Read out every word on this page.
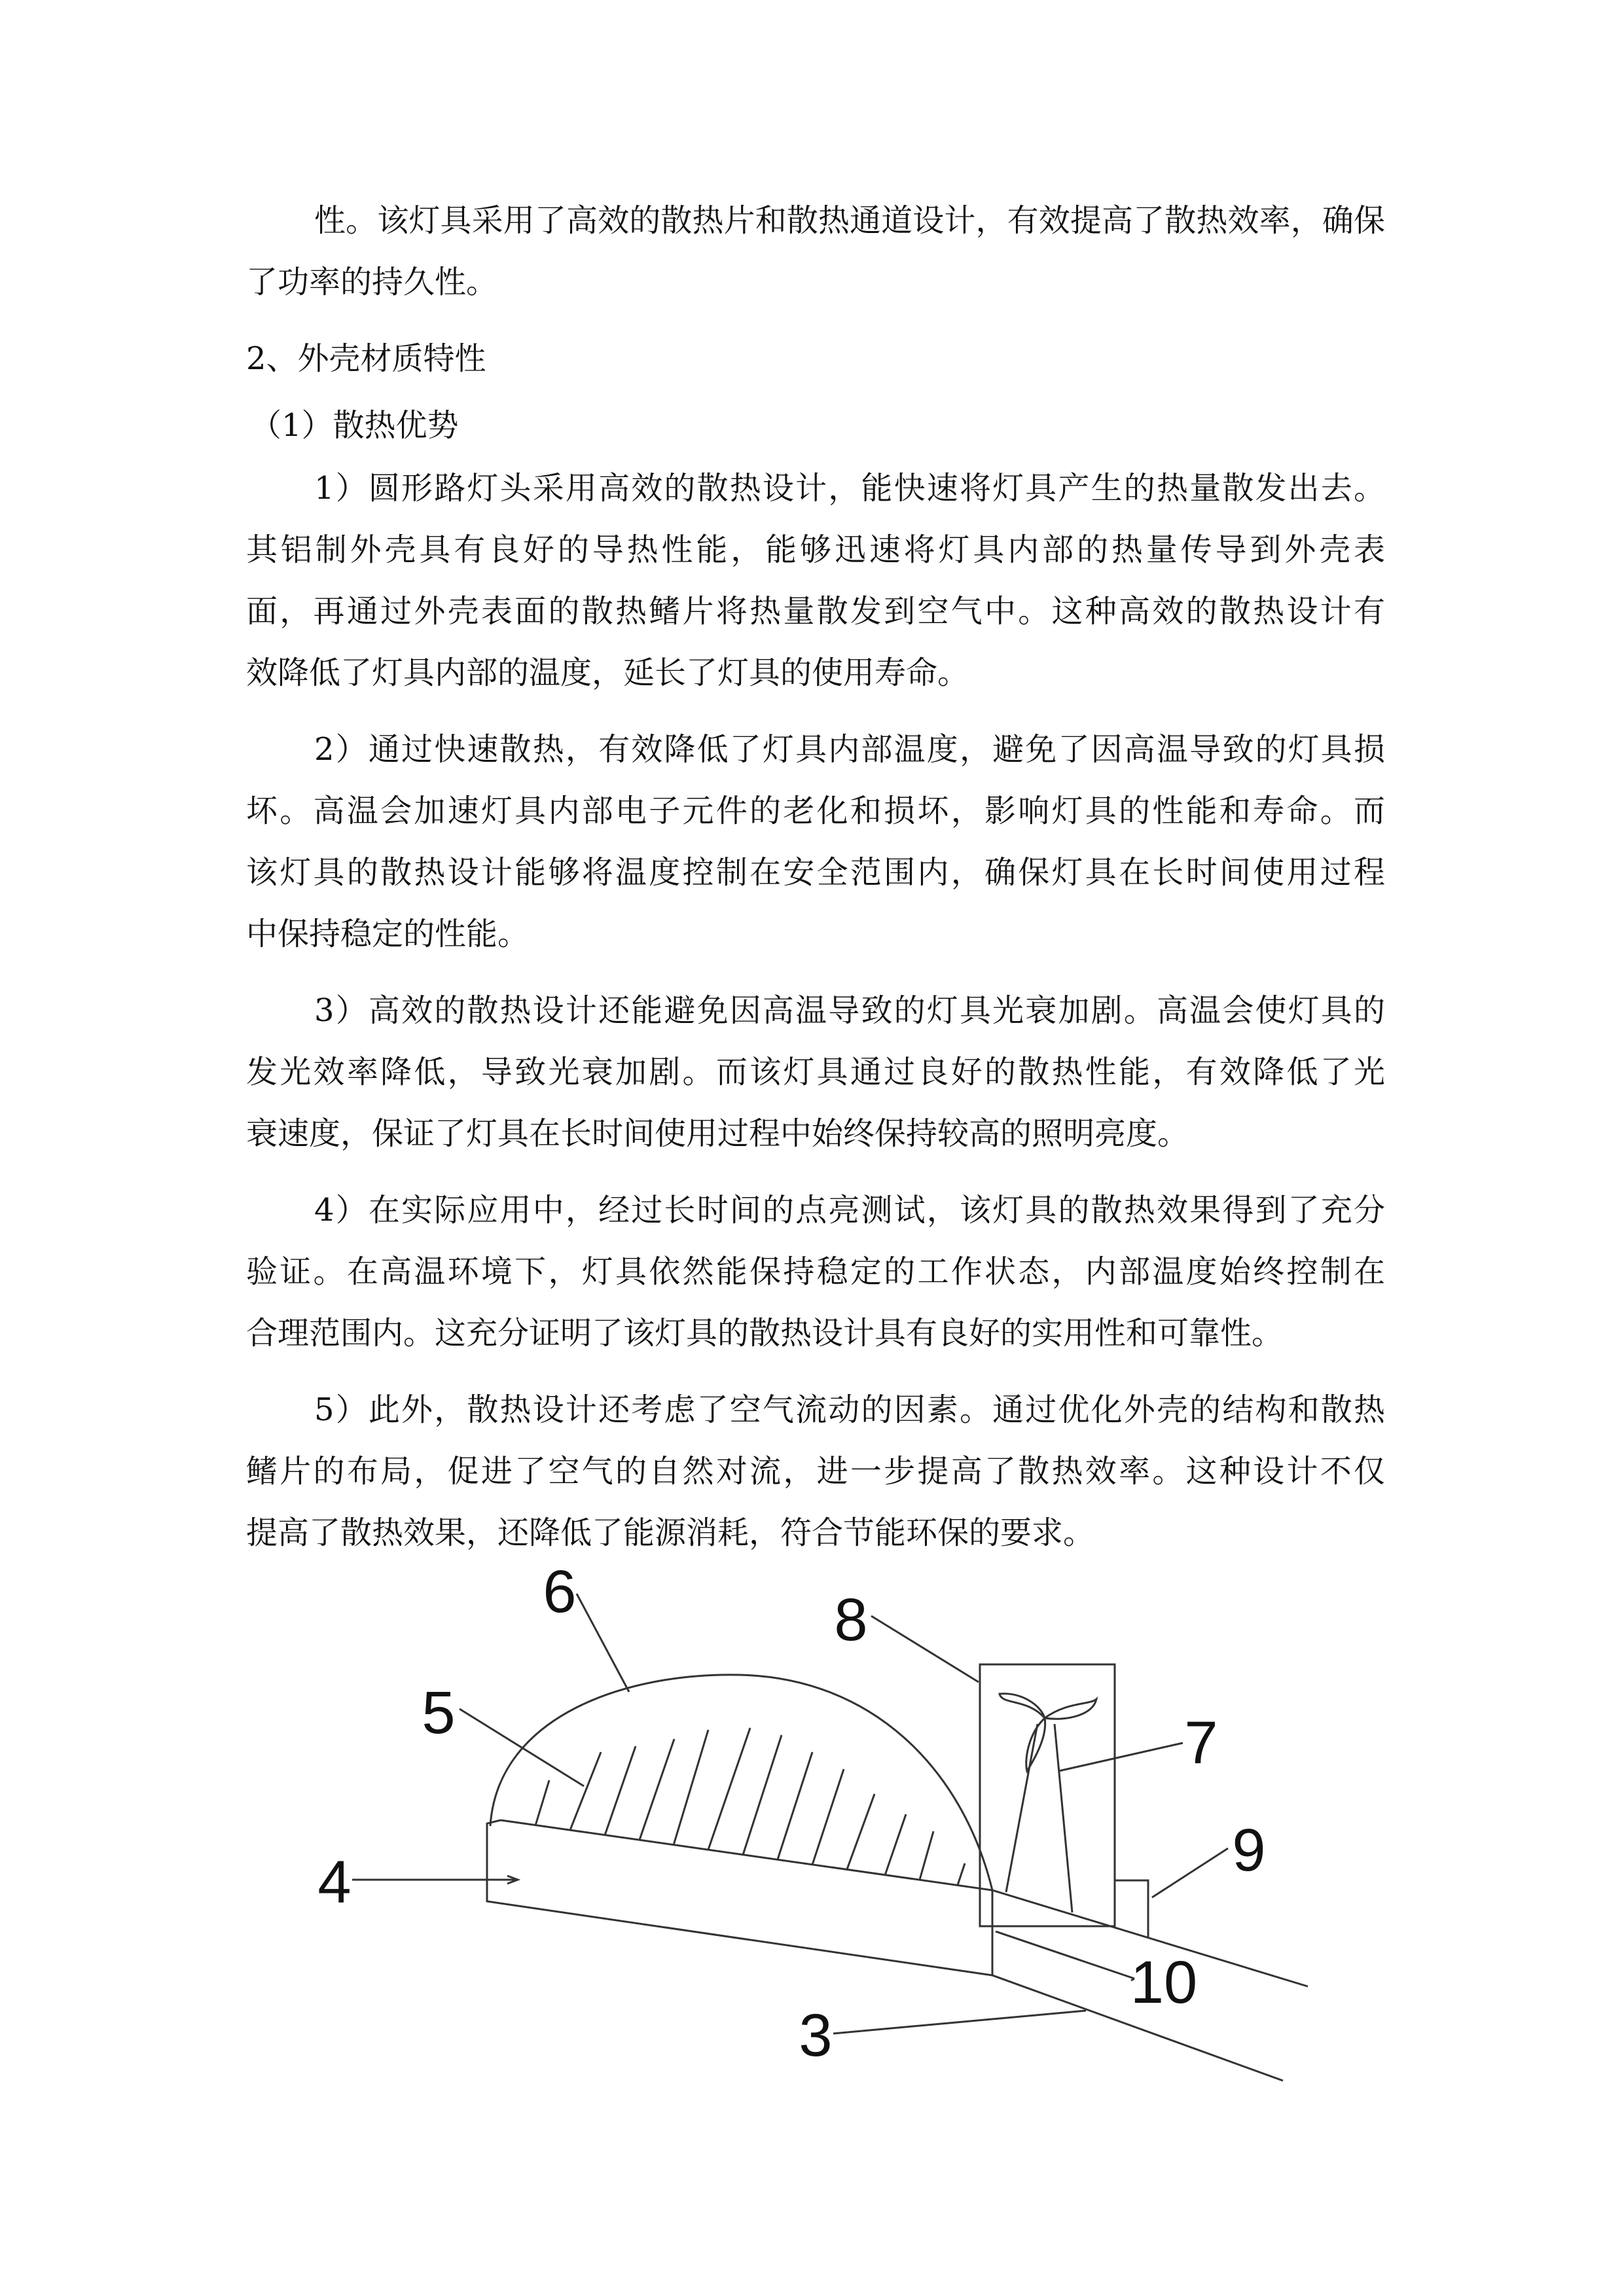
性。该灯具采用了高效的散热片和散热通道设计，有效提高了散热效率，确保
了功率的持久性。
2、外壳材质特性
（1）散热优势
1）圆形路灯头采用高效的散热设计，能快速将灯具产生的热量散发出去。
其铝制外壳具有良好的导热性能，能够迅速将灯具内部的热量传导到外壳表
面，再通过外壳表面的散热鳍片将热量散发到空气中。这种高效的散热设计有
效降低了灯具内部的温度，延长了灯具的使用寿命。
2）通过快速散热，有效降低了灯具内部温度，避免了因高温导致的灯具损
坏。高温会加速灯具内部电子元件的老化和损坏，影响灯具的性能和寿命。而
该灯具的散热设计能够将温度控制在安全范围内，确保灯具在长时间使用过程
中保持稳定的性能。
3）高效的散热设计还能避免因高温导致的灯具光衰加剧。高温会使灯具的
发光效率降低，导致光衰加剧。而该灯具通过良好的散热性能，有效降低了光
衰速度，保证了灯具在长时间使用过程中始终保持较高的照明亮度。
4）在实际应用中，经过长时间的点亮测试，该灯具的散热效果得到了充分
验证。在高温环境下，灯具依然能保持稳定的工作状态，内部温度始终控制在
合理范围内。这充分证明了该灯具的散热设计具有良好的实用性和可靠性。
5）此外，散热设计还考虑了空气流动的因素。通过优化外壳的结构和散热
鳍片的布局，促进了空气的自然对流，进一步提高了散热效率。这种设计不仅
提高了散热效果，还降低了能源消耗，符合节能环保的要求。
6	8
5	7
9
4
10
3
